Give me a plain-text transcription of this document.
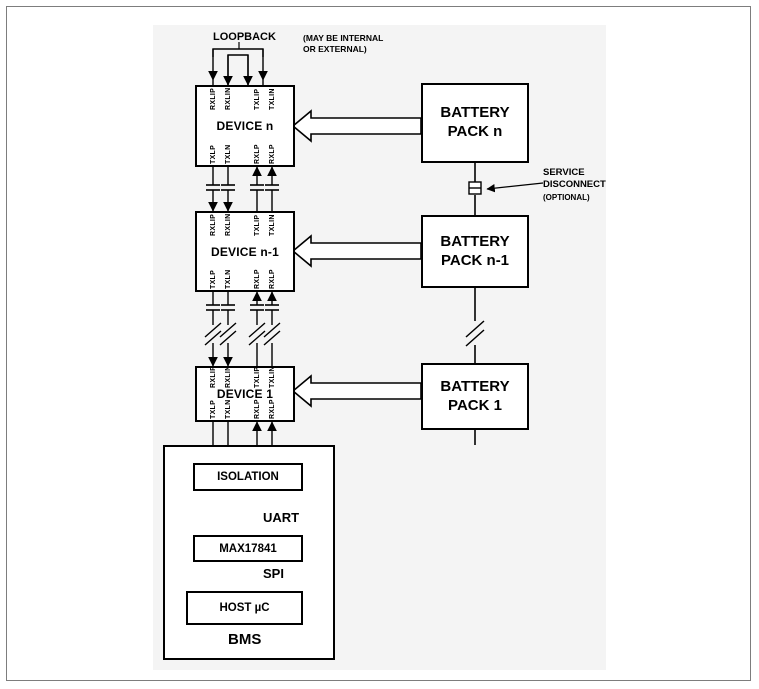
LOOPBACK	(MAY BE INTERNAL
OR EXTERNAL)
DEVICE n
RXLIP RXLIN	TXLIP TXLIN
TXLP TXLN	RXLP RXLP
DEVICE n-1
RXLIP RXLIN	TXLIP TXLIN
TXLP TXLN	RXLP RXLP
DEVICE 1
RXLIP RXLIN	TXLIP TXLIN
TXLP TXLN	RXLP RXLP
BATTERY
PACK n
BATTERY
PACK n-1
BATTERY
PACK 1
SERVICE
DISCONNECT
(OPTIONAL)
ISOLATION
MAX17841
HOST µC
UART
SPI
BMS
